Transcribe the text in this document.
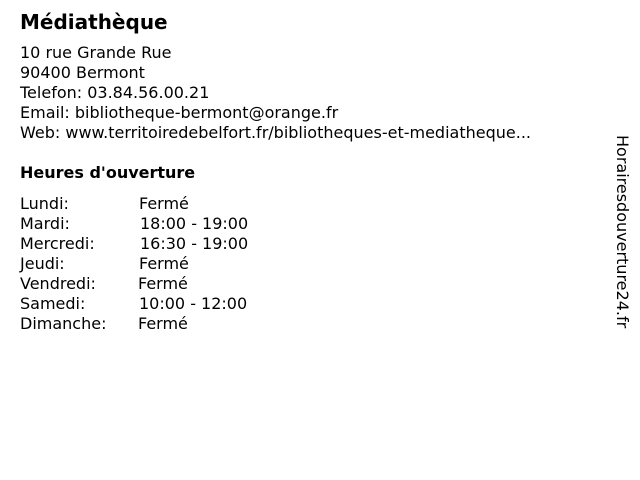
Médiathèque
10 rue Grande Rue
90400 Bermont
Telefon: 03.84.56.00.21
Email: bibliotheque-bermont@orange.fr
Web: www.territoiredebelfort.fr/bibliotheques-et-mediatheque...
Heures d'ouverture
Lundi:	Fermé
Mardi:	18:00 - 19:00
Mercredi:	16:30 - 19:00
Jeudi:	Fermé
Vendredi:	Fermé
Samedi:	10:00 - 12:00
Dimanche: Fermé	Horairesdouverture24.fr
